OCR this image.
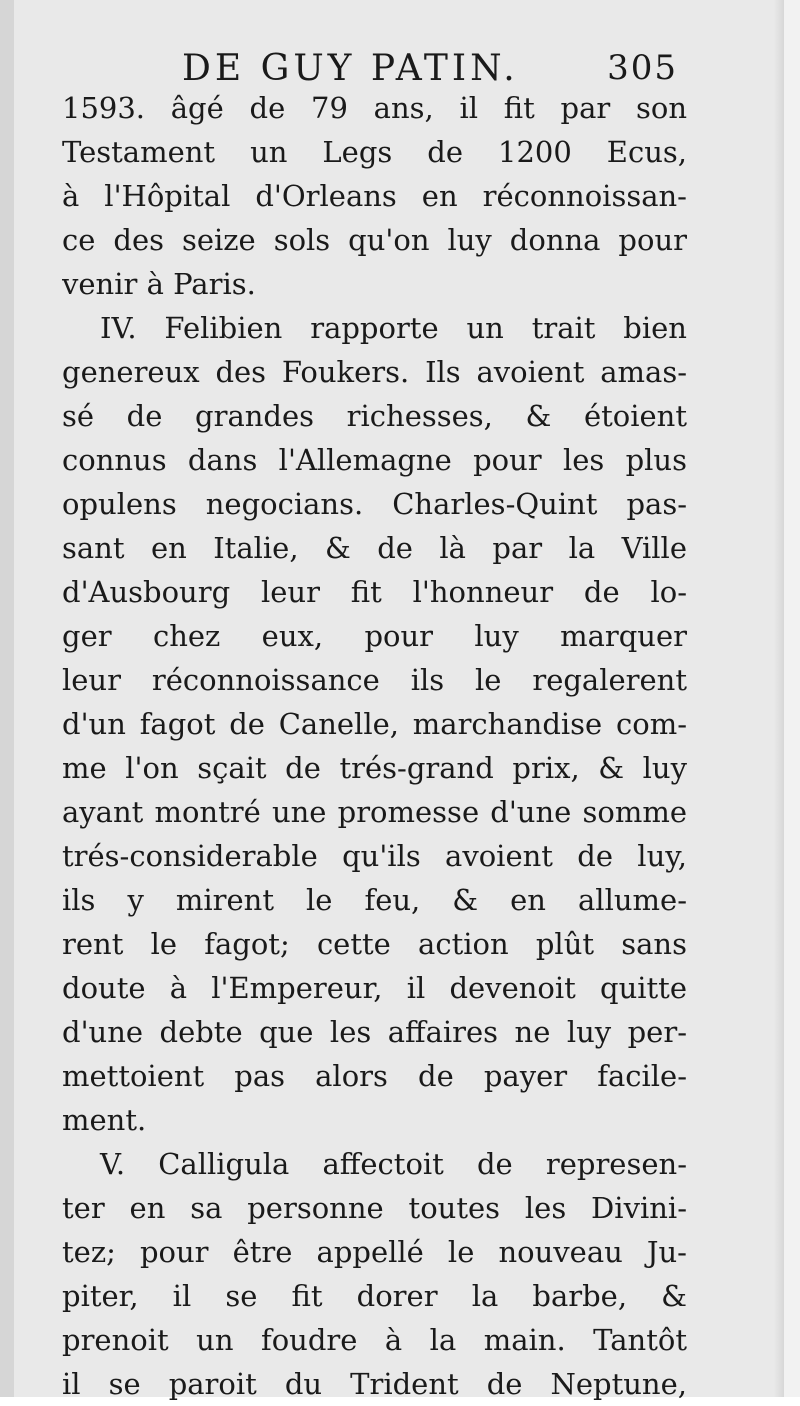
DE GUY PATIN.	305
1593. âgé de 79 ans, il fit par son
Testament un Legs de 1200 Ecus,
à l'Hôpital d'Orleans en réconnoissan-
ce des seize sols qu'on luy donna pour
venir à Paris.
IV. Felibien rapporte un trait bien
genereux des Foukers. Ils avoient amas-
sé de grandes richesses, & étoient
connus dans l'Allemagne pour les plus
opulens negocians. Charles-Quint pas-
sant en Italie, & de là par la Ville
d'Ausbourg leur fit l'honneur de lo-
ger chez eux, pour luy marquer
leur réconnoissance ils le regalerent
d'un fagot de Canelle, marchandise com-
me l'on sçait de trés-grand prix, & luy
ayant montré une promesse d'une somme
trés-considerable qu'ils avoient de luy,
ils y mirent le feu, & en allume-
rent le fagot; cette action plût sans
doute à l'Empereur, il devenoit quitte
d'une debte que les affaires ne luy per-
mettoient pas alors de payer facile-
ment.
V. Calligula affectoit de represen-
ter en sa personne toutes les Divini-
tez; pour être appellé le nouveau Ju-
piter, il se fit dorer la barbe, &
prenoit un foudre à la main. Tantôt
il se paroit du Trident de Neptune,
